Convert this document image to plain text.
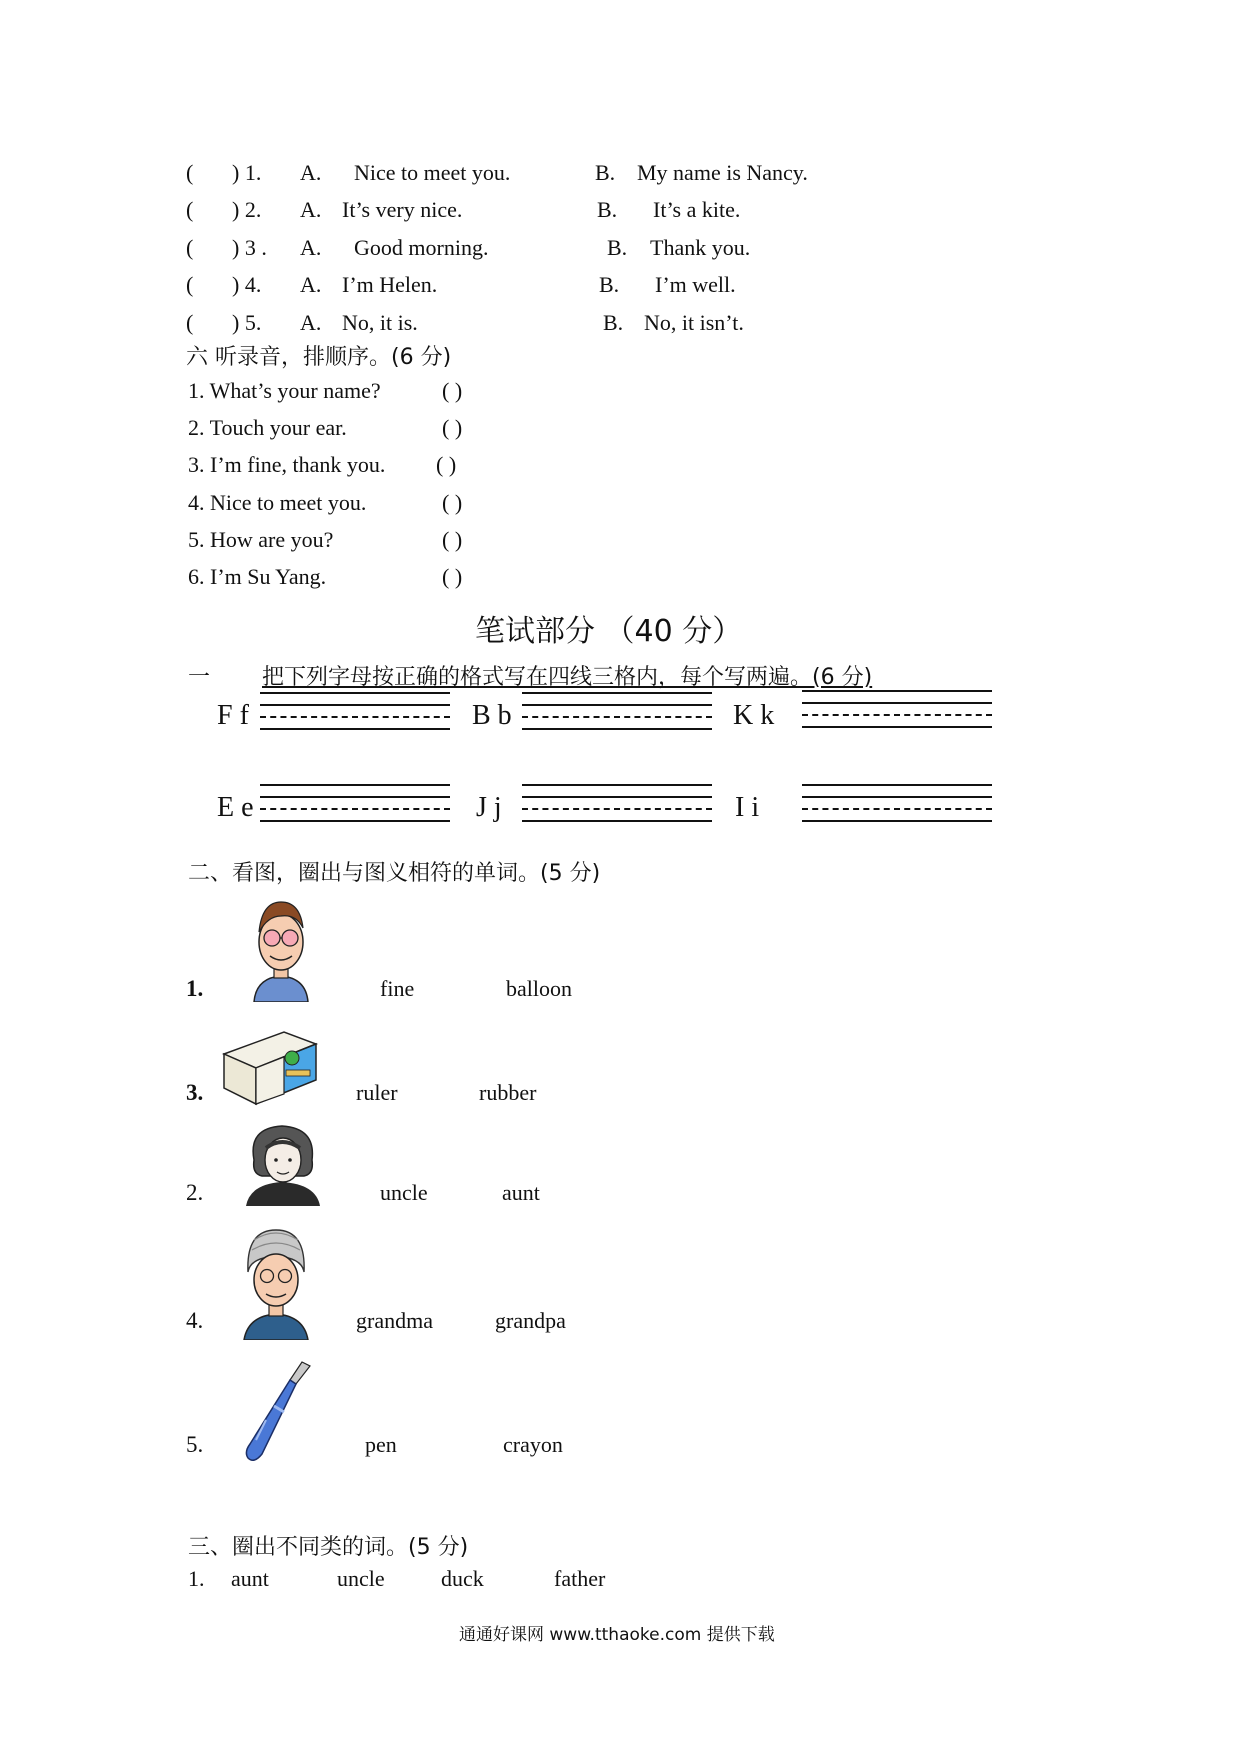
( ) 1. A. Nice to meet you.	B. My name is Nancy.
( ) 2. A. It’s very nice.	B. It’s a kite.
( ) 3 . A. Good morning.	B. Thank you.
( ) 4. A. I’m Helen.	B. I’m well.
( ) 5. A. No, it is.	B. No, it isn’t.
六 听录音，排顺序。(6 分)
1. What’s your name?	( )
2. Touch your ear.	( )
3. I’m fine, thank you. ( )
4. Nice to meet you.	( )
5. How are you?	( )
6. I’m Su Yang.	( )
笔试部分 （40 分）
一 把下列字母按正确的格式写在四线三格内，每个写两遍。(6 分)
F f	B b	K k
E e	J j	I i
二、看图，圈出与图义相符的单词。(5 分)
1.	fine	balloon
3.	ruler	rubber
2.	uncle	aunt
4.	grandma	grandpa
5.	pen	crayon
三、圈出不同类的词。(5 分)
1. aunt	uncle	duck	father
通通好课网 www.tthaoke.com 提供下载
